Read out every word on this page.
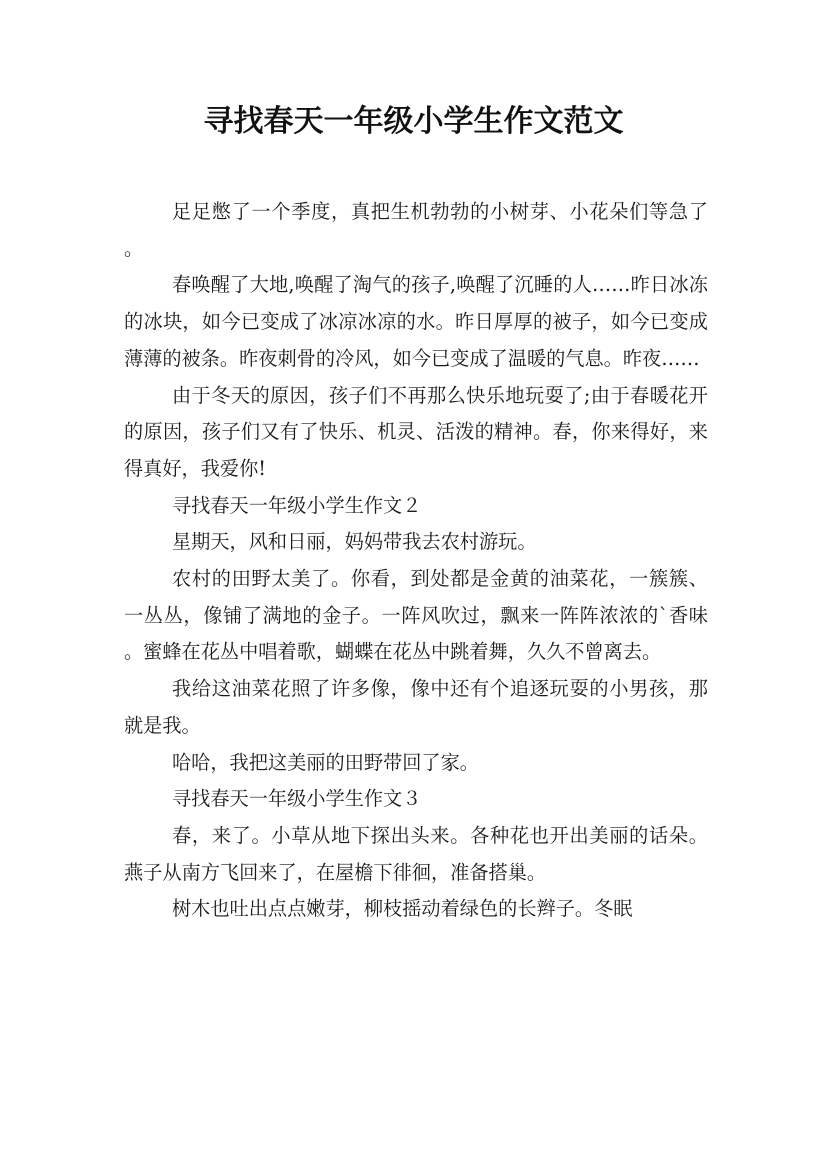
寻找春天一年级小学生作文范文

足足憋了一个季度，真把生机勃勃的小树芽、小花朵们等急了。

春唤醒了大地,唤醒了淘气的孩子,唤醒了沉睡的人……昨日冰冻的冰块，如今已变成了冰凉冰凉的水。昨日厚厚的被子，如今已变成薄薄的被条。昨夜刺骨的冷风，如今已变成了温暖的气息。昨夜……

由于冬天的原因，孩子们不再那么快乐地玩耍了;由于春暖花开的原因，孩子们又有了快乐、机灵、活泼的精神。春，你来得好，来得真好，我爱你!

寻找春天一年级小学生作文２

星期天，风和日丽，妈妈带我去农村游玩。

农村的田野太美了。你看，到处都是金黄的油菜花，一簇簇、一丛丛，像铺了满地的金子。一阵风吹过，飘来一阵阵浓浓的`香味。蜜蜂在花丛中唱着歌，蝴蝶在花丛中跳着舞，久久不曾离去。

我给这油菜花照了许多像，像中还有个追逐玩耍的小男孩，那就是我。

哈哈，我把这美丽的田野带回了家。

寻找春天一年级小学生作文３

春，来了。小草从地下探出头来。各种花也开出美丽的话朵。燕子从南方飞回来了，在屋檐下徘徊，准备搭巢。

树木也吐出点点嫩芽，柳枝摇动着绿色的长辫子。冬眠
